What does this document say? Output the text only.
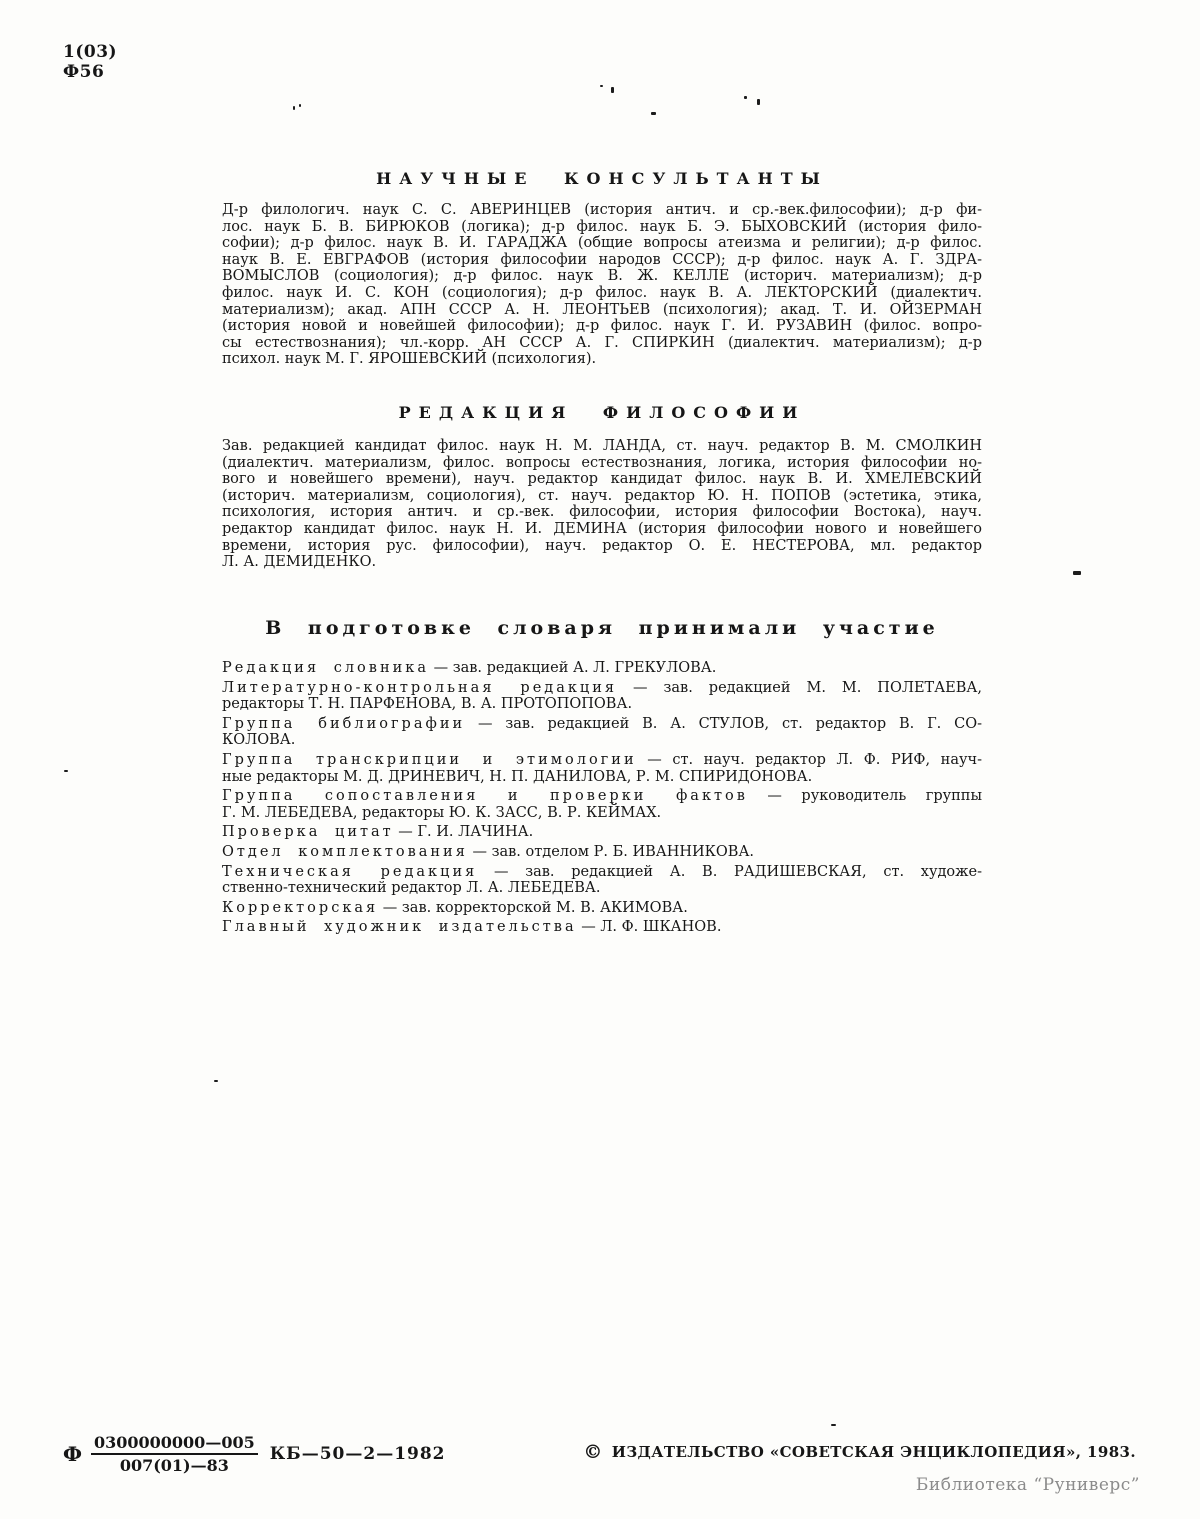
1(03)
Ф56
НАУЧНЫЕ КОНСУЛЬТАНТЫ
Д-р филологич. наук С. С. АВЕРИНЦЕВ (история антич. и ср.-век.философии); д-р фи-
лос. наук Б. В. БИРЮКОВ (логика); д-р филос. наук Б. Э. БЫХОВСКИЙ (история фило-
софии); д-р филос. наук В. И. ГАРАДЖА (общие вопросы атеизма и религии); д-р филос.
наук В. Е. ЕВГРАФОВ (история философии народов СССР); д-р филос. наук А. Г. ЗДРА-
ВОМЫСЛОВ (социология); д-р филос. наук В. Ж. КЕЛЛЕ (историч. материализм); д-р
филос. наук И. С. КОН (социология); д-р филос. наук В. А. ЛЕКТОРСКИЙ (диалектич.
материализм); акад. АПН СССР А. Н. ЛЕОНТЬЕВ (психология); акад. Т. И. ОЙЗЕРМАН
(история новой и новейшей философии); д-р филос. наук Г. И. РУЗАВИН (филос. вопро-
сы естествознания); чл.-корр. АН СССР А. Г. СПИРКИН (диалектич. материализм); д-р
психол. наук М. Г. ЯРОШЕВСКИЙ (психология).
РЕДАКЦИЯ ФИЛОСОФИИ
Зав. редакцией кандидат филос. наук Н. М. ЛАНДА, ст. науч. редактор В. М. СМОЛКИН
(диалектич. материализм, филос. вопросы естествознания, логика, история философии но-
вого и новейшего времени), науч. редактор кандидат филос. наук В. И. ХМЕЛЕВСКИЙ
(историч. материализм, социология), ст. науч. редактор Ю. Н. ПОПОВ (эстетика, этика,
психология, история антич. и ср.-век. философии, история философии Востока), науч.
редактор кандидат филос. наук Н. И. ДЕМИНА (история философии нового и новейшего
времени, история рус. философии), науч. редактор О. Е. НЕСТЕРОВА, мл. редактор
Л. А. ДЕМИДЕНКО.
В подготовке словаря принимали участие
Редакция словника — зав. редакцией А. Л. ГРЕКУЛОВА.
Литературно-контрольная редакция — зав. редакцией М. М. ПОЛЕТАЕВА,
редакторы Т. Н. ПАРФЕНОВА, В. А. ПРОТОПОПОВА.
Группа библиографии — зав. редакцией В. А. СТУЛОВ, ст. редактор В. Г. СО-
КОЛОВА.
Группа транскрипции и этимологии — ст. науч. редактор Л. Ф. РИФ, науч-
ные редакторы М. Д. ДРИНЕВИЧ, Н. П. ДАНИЛОВА, Р. М. СПИРИДОНОВА.
Группа сопоставления и проверки фактов — руководитель группы
Г. М. ЛЕБЕДЕВА, редакторы Ю. К. ЗАСС, В. Р. КЕЙМАХ.
Проверка цитат — Г. И. ЛАЧИНА.
Отдел комплектования — зав. отделом Р. Б. ИВАННИКОВА.
Техническая редакция — зав. редакцией А. В. РАДИШЕВСКАЯ, ст. художе-
ственно-технический редактор Л. А. ЛЕБЕДЕВА.
Корректорская — зав. корректорской М. В. АКИМОВА.
Главный художник издательства — Л. Ф. ШКАНОВ.
Ф $\frac{0300000000—005}{007(01)—83}$ КБ—50—2—1982	© ИЗДАТЕЛЬСТВО «СОВЕТСКАЯ ЭНЦИКЛОПЕДИЯ», 1983.
Библиотека “Руниверс”
